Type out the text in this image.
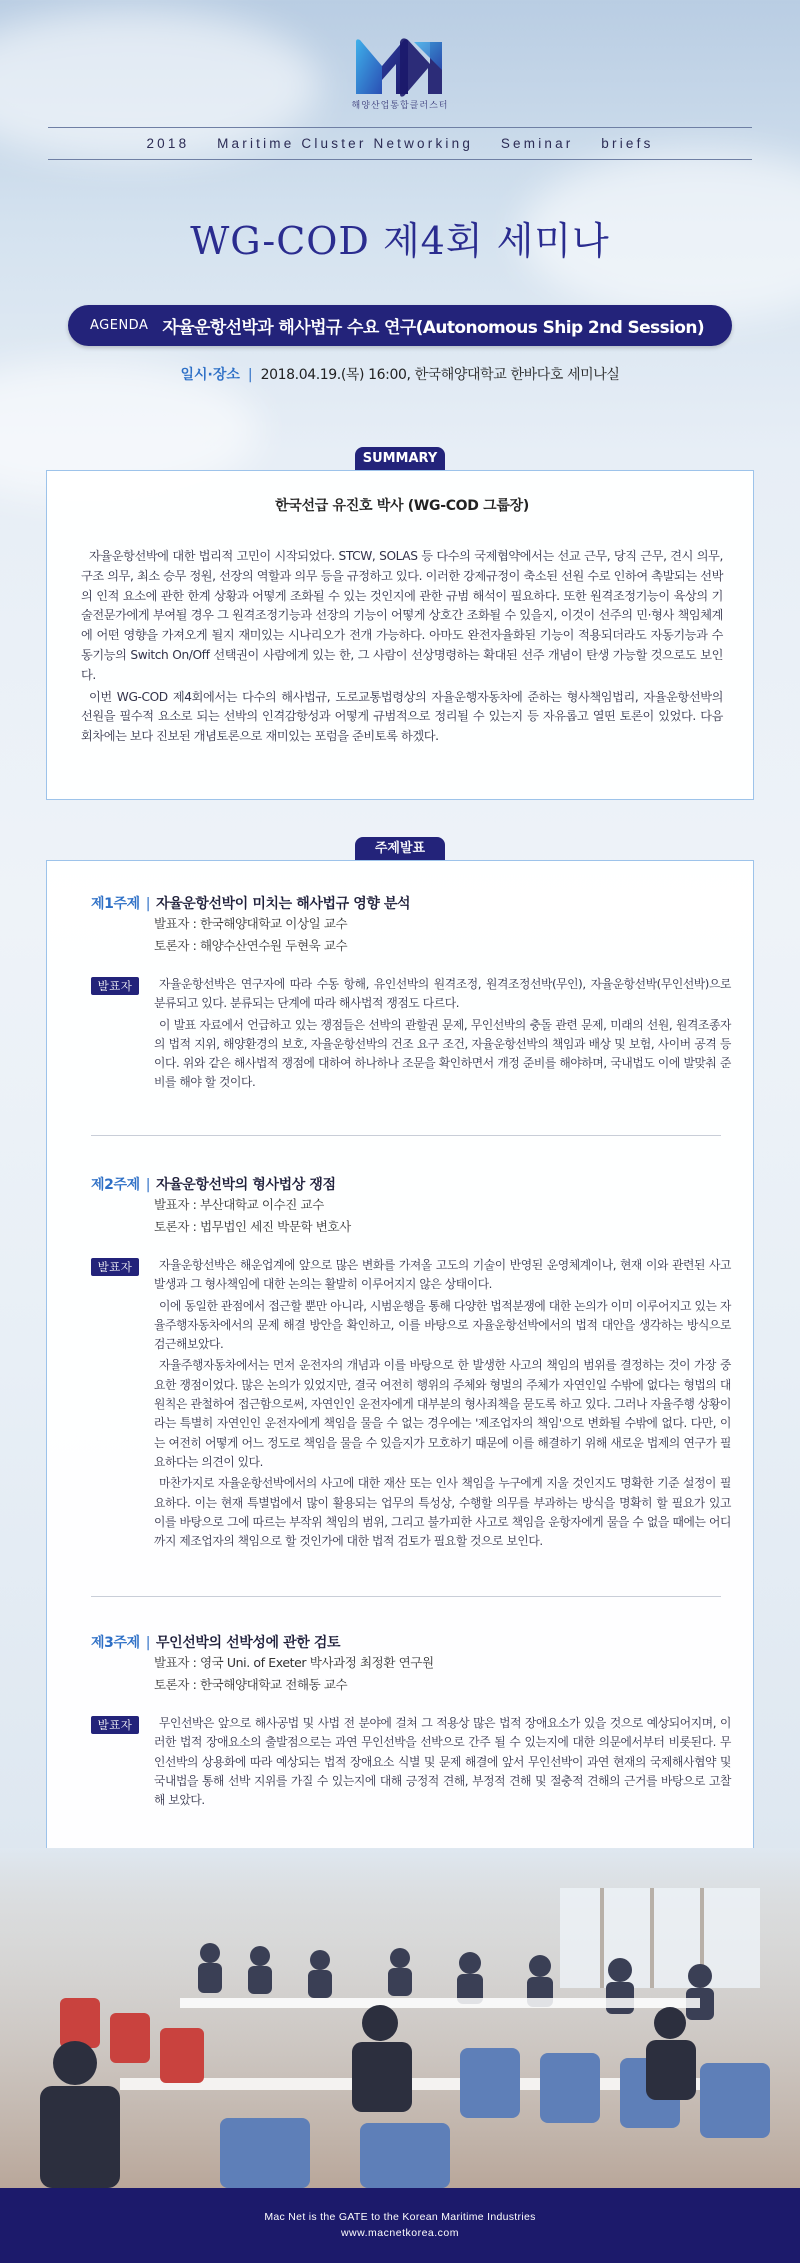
해양산업통합클러스터
2018    Maritime Cluster Networking    Seminar    briefs
WG-COD 제4회 세미나
AGENDA 자율운항선박과 해사법규 수요 연구(Autonomous Ship 2nd Session)
일시·장소 | 2018.04.19.(목) 16:00, 한국해양대학교 한바다호 세미나실
SUMMARY
한국선급 유진호 박사 (WG-COD 그룹장)

자율운항선박에 대한 법리적 고민이 시작되었다. STCW, SOLAS 등 다수의 국제협약에서는 선교 근무, 당직 근무, 견시 의무, 구조 의무, 최소 승무 정원, 선장의 역할과 의무 등을 규정하고 있다. 이러한 강제규정이 축소된 선원 수로 인하여 촉발되는 선박의 인적 요소에 관한 한계 상황과 어떻게 조화될 수 있는 것인지에 관한 규범 해석이 필요하다. 또한 원격조정기능이 육상의 기술전문가에게 부여될 경우 그 원격조정기능과 선장의 기능이 어떻게 상호간 조화될 수 있을지, 이것이 선주의 민·형사 책임체계에 어떤 영향을 가져오게 될지 재미있는 시나리오가 전개 가능하다. 아마도 완전자율화된 기능이 적용되더라도 자동기능과 수동기능의 Switch On/Off 선택권이 사람에게 있는 한, 그 사람이 선상명령하는 확대된 선주 개념이 탄생 가능할 것으로도 보인다.

이번 WG-COD 제4회에서는 다수의 해사법규, 도로교통법령상의 자율운행자동차에 준하는 형사책임법리, 자율운항선박의 선원을 필수적 요소로 되는 선박의 인격감항성과 어떻게 규범적으로 정리될 수 있는지 등 자유롭고 열띤 토론이 있었다. 다음 회차에는 보다 진보된 개념토론으로 재미있는 포럼을 준비토록 하겠다.

주제발표
제1주제 | 자율운항선박이 미치는 해사법규 영향 분석
발표자 : 한국해양대학교 이상일 교수
토론자 : 해양수산연수원 두현욱 교수
발표자	자율운항선박은 연구자에 따라 수동 항해, 유인선박의 원격조정, 원격조정선박(무인), 자율운항선박(무인선박)으로 분류되고 있다. 분류되는 단계에 따라 해사법적 쟁점도 다르다.

이 발표 자료에서 언급하고 있는 쟁점들은 선박의 관할권 문제, 무인선박의 충돌 관련 문제, 미래의 선원, 원격조종자의 법적 지위, 해양환경의 보호, 자율운항선박의 건조 요구 조건, 자율운항선박의 책임과 배상 및 보험, 사이버 공격 등이다. 위와 같은 해사법적 쟁점에 대하여 하나하나 조문을 확인하면서 개정 준비를 해야하며, 국내법도 이에 발맞춰 준비를 해야 할 것이다.

제2주제 | 자율운항선박의 형사법상 쟁점
발표자 : 부산대학교 이수진 교수
토론자 : 법무법인 세진 박문학 변호사
발표자	자율운항선박은 해운업계에 앞으로 많은 변화를 가져올 고도의 기술이 반영된 운영체계이나, 현재 이와 관련된 사고 발생과 그 형사책임에 대한 논의는 활발히 이루어지지 않은 상태이다.

이에 동일한 관점에서 접근할 뿐만 아니라, 시범운행을 통해 다양한 법적분쟁에 대한 논의가 이미 이루어지고 있는 자율주행자동차에서의 문제 해결 방안을 확인하고, 이를 바탕으로 자율운항선박에서의 법적 대안을 생각하는 방식으로 검근해보았다.

자율주행자동차에서는 먼저 운전자의 개념과 이를 바탕으로 한 발생한 사고의 책임의 범위를 결정하는 것이 가장 중요한 쟁점이었다. 많은 논의가 있었지만, 결국 여전히 행위의 주체와 형벌의 주체가 자연인일 수밖에 없다는 형법의 대원칙은 관철하여 접근함으로써, 자연인인 운전자에게 대부분의 형사죄책을 묻도록 하고 있다. 그러나 자율주행 상황이라는 특별히 자연인인 운전자에게 책임을 물을 수 없는 경우에는 '제조업자의 책임'으로 변화될 수밖에 없다. 다만, 이는 여전히 어떻게 어느 정도로 책임을 물을 수 있을지가 모호하기 때문에 이를 해결하기 위해 새로운 법제의 연구가 필요하다는 의견이 있다.

마찬가지로 자율운항선박에서의 사고에 대한 재산 또는 인사 책임을 누구에게 지울 것인지도 명확한 기준 설정이 필요하다. 이는 현재 특별법에서 많이 활용되는 업무의 특성상, 수행할 의무를 부과하는 방식을 명확히 할 필요가 있고 이를 바탕으로 그에 따르는 부작위 책임의 범위, 그리고 불가피한 사고로 책임을 운항자에게 물을 수 없을 때에는 어디까지 제조업자의 책임으로 할 것인가에 대한 법적 검토가 필요할 것으로 보인다.

제3주제 | 무인선박의 선박성에 관한 검토
발표자 : 영국 Uni. of Exeter 박사과정 최정환 연구원
토론자 : 한국해양대학교 전해동 교수
발표자	무인선박은 앞으로 해사공법 및 사법 전 분야에 걸쳐 그 적용상 많은 법적 장애요소가 있을 것으로 예상되어지며, 이러한 법적 장애요소의 출발점으로는 과연 무인선박을 선박으로 간주 될 수 있는지에 대한 의문에서부터 비롯된다. 무인선박의 상용화에 따라 예상되는 법적 장애요소 식별 및 문제 해결에 앞서 무인선박이 과연 현재의 국제해사협약 및 국내법을 통해 선박 지위를 가질 수 있는지에 대해 긍정적 견해, 부정적 견해 및 절충적 견해의 근거를 바탕으로 고찰해 보았다.

Mac Net is the GATE to the Korean Maritime Industries
www.macnetkorea.com
